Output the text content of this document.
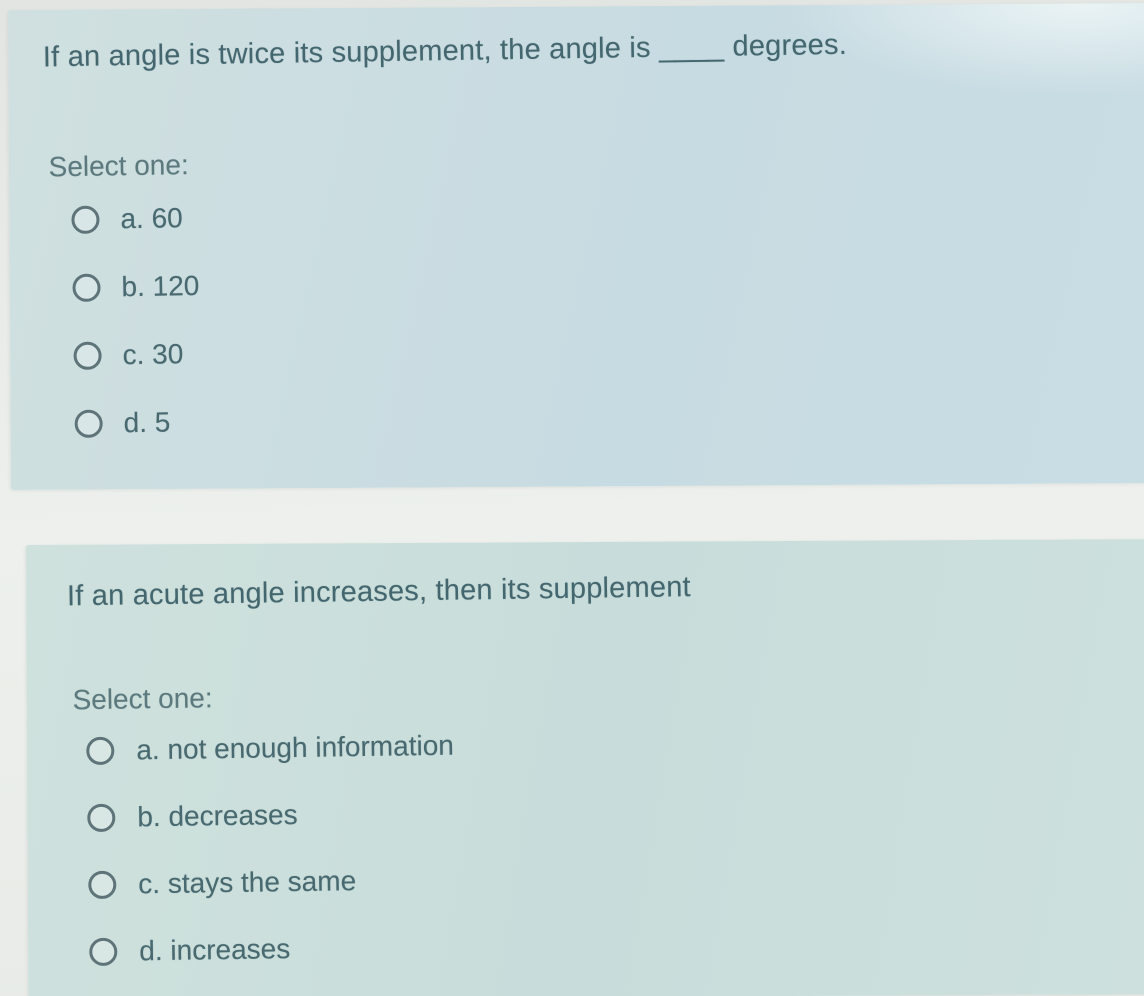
If an angle is twice its supplement, the angle is ____ degrees.
Select one:
a. 60
b. 120
c. 30
d. 5
If an acute angle increases, then its supplement
Select one:
a. not enough information
b. decreases
c. stays the same
d. increases
